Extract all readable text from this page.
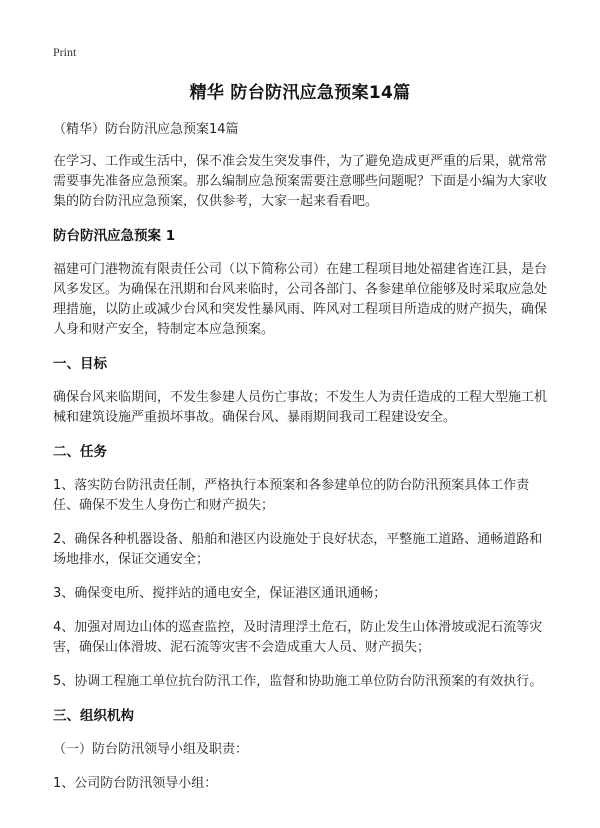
Print
精华 防台防汛应急预案14篇

（精华）防台防汛应急预案14篇

在学习、工作或生活中，保不准会发生突发事件，为了避免造成更严重的后果，就常常需要事先准备应急预案。那么编制应急预案需要注意哪些问题呢？下面是小编为大家收集的防台防汛应急预案，仅供参考，大家一起来看看吧。

防台防汛应急预案 1

福建可门港物流有限责任公司（以下简称公司）在建工程项目地处福建省连江县，是台风多发区。为确保在汛期和台风来临时，公司各部门、各参建单位能够及时采取应急处理措施，以防止或减少台风和突发性暴风雨、阵风对工程项目所造成的财产损失，确保人身和财产安全，特制定本应急预案。

一、目标

确保台风来临期间，不发生参建人员伤亡事故；不发生人为责任造成的工程大型施工机械和建筑设施严重损坏事故。确保台风、暴雨期间我司工程建设安全。

二、任务

1、落实防台防汛责任制，严格执行本预案和各参建单位的防台防汛预案具体工作责任、确保不发生人身伤亡和财产损失；

2、确保各种机器设备、船舶和港区内设施处于良好状态，平整施工道路、通畅道路和场地排水，保证交通安全；

3、确保变电所、搅拌站的通电安全，保证港区通讯通畅；

4、加强对周边山体的巡查监控，及时清理浮土危石，防止发生山体滑坡或泥石流等灾害，确保山体滑坡、泥石流等灾害不会造成重大人员、财产损失；

5、协调工程施工单位抗台防汛工作，监督和协助施工单位防台防汛预案的有效执行。

三、组织机构

（一）防台防汛领导小组及职责：

1、公司防台防汛领导小组：
